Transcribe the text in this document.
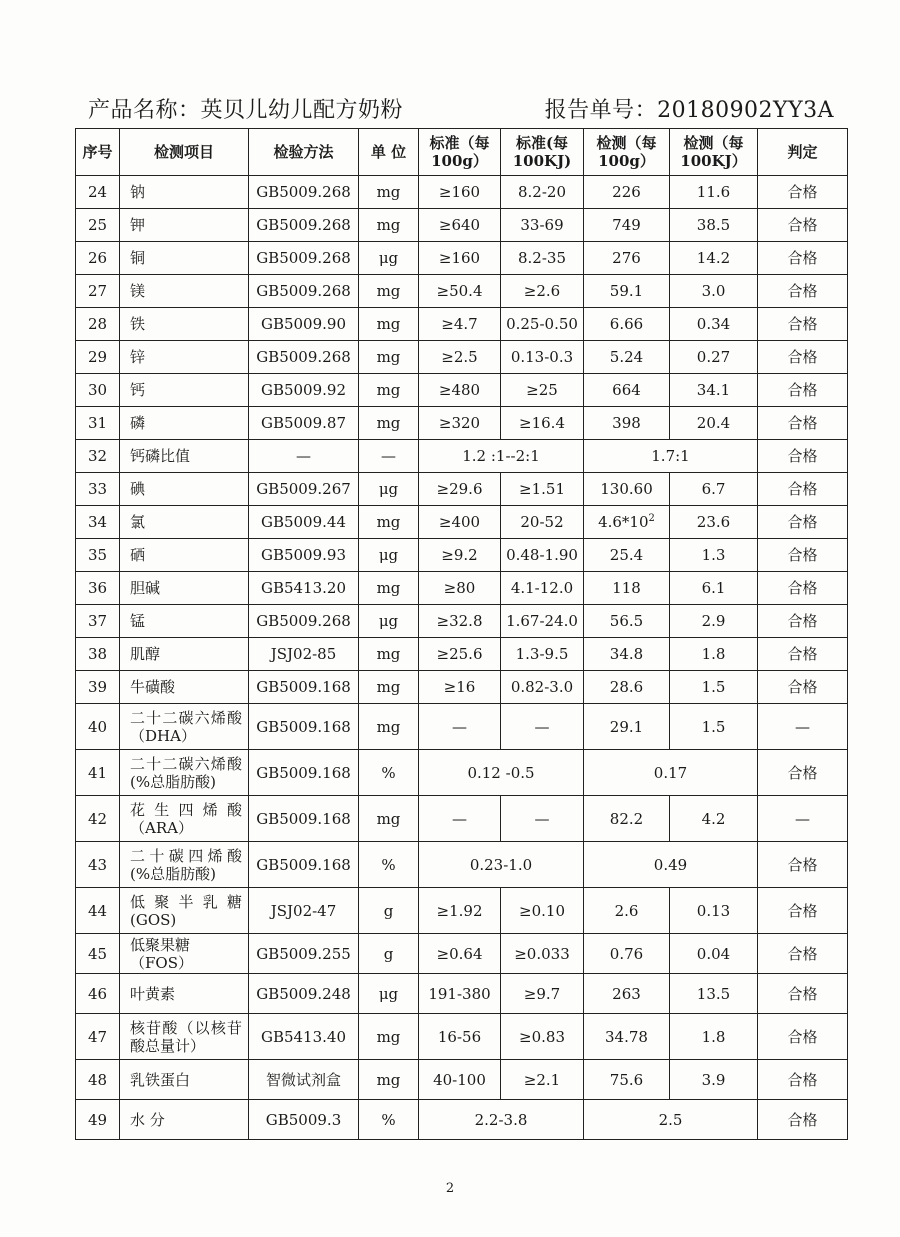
产品名称：英贝儿幼儿配方奶粉	报告单号：20180902YY3A
序号	检测项目	检验方法	单 位	标准（每100g）	标准(每100KJ)	检测（每100g）	检测（每100KJ）	判定
24	钠	GB5009.268	mg	≥160	8.2-20	226	11.6	合格
25	钾	GB5009.268	mg	≥640	33-69	749	38.5	合格
26	铜	GB5009.268	μg	≥160	8.2-35	276	14.2	合格
27	镁	GB5009.268	mg	≥50.4	≥2.6	59.1	3.0	合格
28	铁	GB5009.90	mg	≥4.7	0.25-0.50	6.66	0.34	合格
29	锌	GB5009.268	mg	≥2.5	0.13-0.3	5.24	0.27	合格
30	钙	GB5009.92	mg	≥480	≥25	664	34.1	合格
31	磷	GB5009.87	mg	≥320	≥16.4	398	20.4	合格
32	钙磷比值	—	—	1.2 :1--2:1		1.7:1		合格
33	碘	GB5009.267	μg	≥29.6	≥1.51	130.60	6.7	合格
34	氯	GB5009.44	mg	≥400	20-52	$4.6*10^2$	23.6	合格
35	硒	GB5009.93	μg	≥9.2	0.48-1.90	25.4	1.3	合格
36	胆碱	GB5413.20	mg	≥80	4.1-12.0	118	6.1	合格
37	锰	GB5009.268	μg	≥32.8	1.67-24.0	56.5	2.9	合格
38	肌醇	JSJ02-85	mg	≥25.6	1.3-9.5	34.8	1.8	合格
39	牛磺酸	GB5009.168	mg	≥16	0.82-3.0	28.6	1.5	合格
40	二十二碳六烯酸
（DHA）	GB5009.168	mg	—	—	29.1	1.5	—
41	二十二碳六烯酸
(%总脂肪酸)	GB5009.168	%	0.12 -0.5		0.17		合格
42	花生四烯酸
（ARA）	GB5009.168	mg	—	—	82.2	4.2	—
43	二十碳四烯酸
(%总脂肪酸)	GB5009.168	%	0.23-1.0		0.49		合格
44	低聚半乳糖
(GOS)	JSJ02-47	g	≥1.92	≥0.10	2.6	0.13	合格
45	低聚果糖（FOS）	GB5009.255	g	≥0.64	≥0.033	0.76	0.04	合格
46	叶黄素	GB5009.248	μg	191-380	≥9.7	263	13.5	合格
47	核苷酸（以核苷
酸总量计）	GB5413.40	mg	16-56	≥0.83	34.78	1.8	合格
48	乳铁蛋白	智微试剂盒	mg	40-100	≥2.1	75.6	3.9	合格
49	水 分	GB5009.3	%	2.2-3.8		2.5		合格
2
